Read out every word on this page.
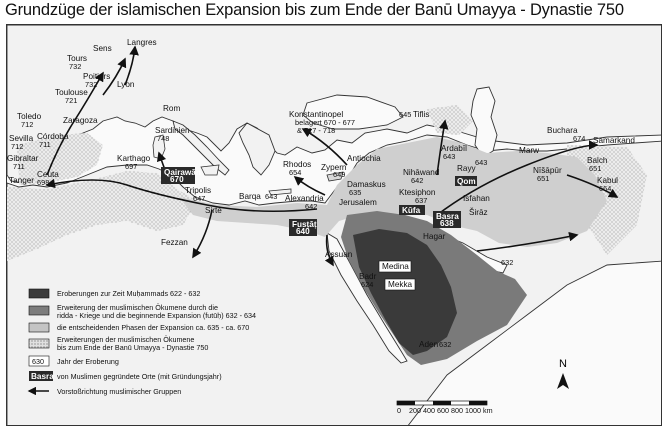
Grundzüge der islamischen Expansion bis zum Ende der Banū Umayya - Dynastie 750
N
0 200 400 600 800 1000 km
Langres
Sens
Tours
732
Poitiers
732 Lyon
Toulouse
721
Toledo
712	Zaragoza
Córdoba
711
Sevilla
712
Gibraltar
711
Tanger
Ceuta
698
Rom
Sardinien
748
Konstantinopel
belagert 670 - 677
& 717 - 718
Karthago
697
Qairawān
670
Tripolis
647
Sirte
Fezzan
Barqa 643
Rhodos
654
Zypern
649
Antiochia
Damaskus
635
Jerusalem
Alexandria
642
Fusṭāṭ
640
Assuan
Badr
624
Medina
Mekka
Aden 632
632
Hagar
Tiflis
645
Ardabīl
643
Rayy
643
Qom
Nihāwand
642
Ktesiphon
637
Kūfa
Basra
638
Isfahan
Širāz
Nīšāpūr
651
Marw
Buchara
674 Samarkand
Balch
651
Kabul
664
Eroberungen zur Zeit Muḥammads 622 - 632
Erweiterung der muslimischen Ökumene durch die
ridda - Kriege und die beginnende Expansion (futūḥ) 632 - 634
die entscheidenden Phasen der Expansion ca. 635 - ca. 670
Erweiterungen der muslimischen Ökumene
bis zum Ende der Banū Umayya - Dynastie 750
630 Jahr der Eroberung
Basra von Muslimen gegründete Orte (mit Gründungsjahr)
Vorstoßrichtung muslimischer Gruppen
